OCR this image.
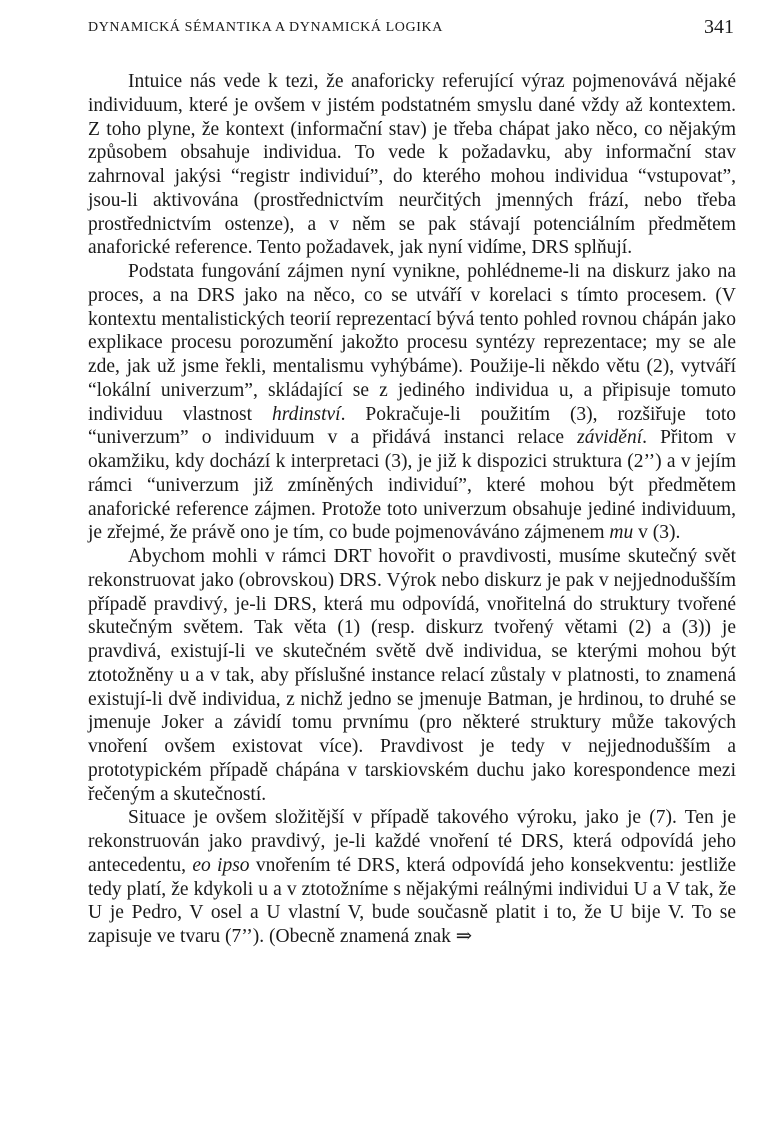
DYNAMICKÁ SÉMANTIKA A DYNAMICKÁ LOGIKA	341

Intuice nás vede k tezi, že anaforicky referující výraz pojmenovává nějaké individuum, které je ovšem v jistém podstatném smyslu dané vždy až kontextem. Z toho plyne, že kontext (informační stav) je třeba chápat jako něco, co nějakým způsobem obsahuje individua. To vede k požadavku, aby informační stav zahrnoval jakýsi “registr individuí”, do kterého mohou individua “vstupovat”, jsou-li aktivována (prostřednictvím neurčitých jmenných frází, nebo třeba prostřednictvím ostenze), a v něm se pak stávají potenciálním předmětem anaforické reference. Tento požadavek, jak nyní vidíme, DRS splňují.

Podstata fungování zájmen nyní vynikne, pohlédneme-li na diskurz jako na proces, a na DRS jako na něco, co se utváří v korelaci s tímto procesem. (V kontextu mentalistických teorií reprezentací bývá tento pohled rovnou chápán jako explikace procesu porozumění jakožto procesu syntézy reprezentace; my se ale zde, jak už jsme řekli, mentalismu vyhýbáme). Použije-li někdo větu (2), vytváří “lokální univerzum”, skládající se z jediného individua u, a připisuje tomuto individuu vlastnost hrdinství. Pokračuje-li použitím (3), rozšiřuje toto “univerzum” o individuum v a přidává instanci relace závidění. Přitom v okamžiku, kdy dochází k interpretaci (3), je již k dispozici struktura (2’’) a v jejím rámci “univerzum již zmíněných individuí”, které mohou být předmětem anaforické reference zájmen. Protože toto univerzum obsahuje jediné individuum, je zřejmé, že právě ono je tím, co bude pojmenováváno zájmenem mu v (3).

Abychom mohli v rámci DRT hovořit o pravdivosti, musíme skutečný svět rekonstruovat jako (obrovskou) DRS. Výrok nebo diskurz je pak v nejjednodušším případě pravdivý, je-li DRS, která mu odpovídá, vnořitelná do struktury tvořené skutečným světem. Tak věta (1) (resp. diskurz tvořený větami (2) a (3)) je pravdivá, existují-li ve skutečném světě dvě individua, se kterými mohou být ztotožněny u a v tak, aby příslušné instance relací zůstaly v platnosti, to znamená existují-li dvě individua, z nichž jedno se jmenuje Batman, je hrdinou, to druhé se jmenuje Joker a závidí tomu prvnímu (pro některé struktury může takových vnoření ovšem existovat více). Pravdivost je tedy v nejjednodušším a prototypickém případě chápána v tarskiovském duchu jako korespondence mezi řečeným a skutečností.

Situace je ovšem složitější v případě takového výroku, jako je (7). Ten je rekonstruován jako pravdivý, je-li každé vnoření té DRS, která odpovídá jeho antecedentu, eo ipso vnořením té DRS, která odpovídá jeho konsekventu: jestliže tedy platí, že kdykoli u a v ztotožníme s nějakými reálnými individui U a V tak, že U je Pedro, V osel a U vlastní V, bude současně platit i to, že U bije V. To se zapisuje ve tvaru (7’’). (Obecně znamená znak ⇒
